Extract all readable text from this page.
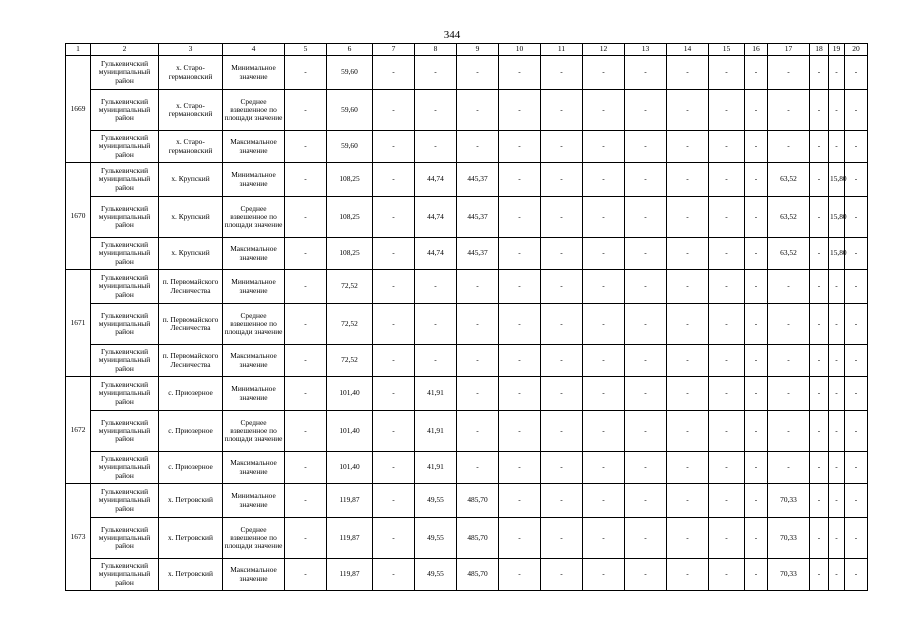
344
1	2	3	4	5	6	7	8	9	10	11	12	13	14	15	16	17	18	19	20
1669	Гулькевичский муниципальный район	х. Старо-германовский	Минимальное значение	-	59,60	-	-	-	-	-	-	-	-	-	-	-	-	-	-
	Гулькевичский муниципальный район	х. Старо-германовский	Среднее взвешенное по площади значение	-	59,60	-	-	-	-	-	-	-	-	-	-	-	-	-	-
	Гулькевичский муниципальный район	х. Старо-германовский	Максимальное значение	-	59,60	-	-	-	-	-	-	-	-	-	-	-	-	-	-
1670	Гулькевичский муниципальный район	х. Крупский	Минимальное значение	-	108,25	-	44,74	445,37	-	-	-	-	-	-	-	63,52	-	15,80	-
	Гулькевичский муниципальный район	х. Крупский	Среднее взвешенное по площади значение	-	108,25	-	44,74	445,37	-	-	-	-	-	-	-	63,52	-	15,80	-
	Гулькевичский муниципальный район	х. Крупский	Максимальное значение	-	108,25	-	44,74	445,37	-	-	-	-	-	-	-	63,52	-	15,80	-
1671	Гулькевичский муниципальный район	п. Первомайского Лесничества	Минимальное значение	-	72,52	-	-	-	-	-	-	-	-	-	-	-	-	-	-
	Гулькевичский муниципальный район	п. Первомайского Лесничества	Среднее взвешенное по площади значение	-	72,52	-	-	-	-	-	-	-	-	-	-	-	-	-	-
	Гулькевичский муниципальный район	п. Первомайского Лесничества	Максимальное значение	-	72,52	-	-	-	-	-	-	-	-	-	-	-	-	-	-
1672	Гулькевичский муниципальный район	с. Приозерное	Минимальное значение	-	101,40	-	41,91	-	-	-	-	-	-	-	-	-	-	-	-
	Гулькевичский муниципальный район	с. Приозерное	Среднее взвешенное по площади значение	-	101,40	-	41,91	-	-	-	-	-	-	-	-	-	-	-	-
	Гулькевичский муниципальный район	с. Приозерное	Максимальное значение	-	101,40	-	41,91	-	-	-	-	-	-	-	-	-	-	-	-
1673	Гулькевичский муниципальный район	х. Петровский	Минимальное значение	-	119,87	-	49,55	485,70	-	-	-	-	-	-	-	70,33	-	-	-
	Гулькевичский муниципальный район	х. Петровский	Среднее взвешенное по площади значение	-	119,87	-	49,55	485,70	-	-	-	-	-	-	-	70,33	-	-	-
	Гулькевичский муниципальный район	х. Петровский	Максимальное значение	-	119,87	-	49,55	485,70	-	-	-	-	-	-	-	70,33	-	-	-
